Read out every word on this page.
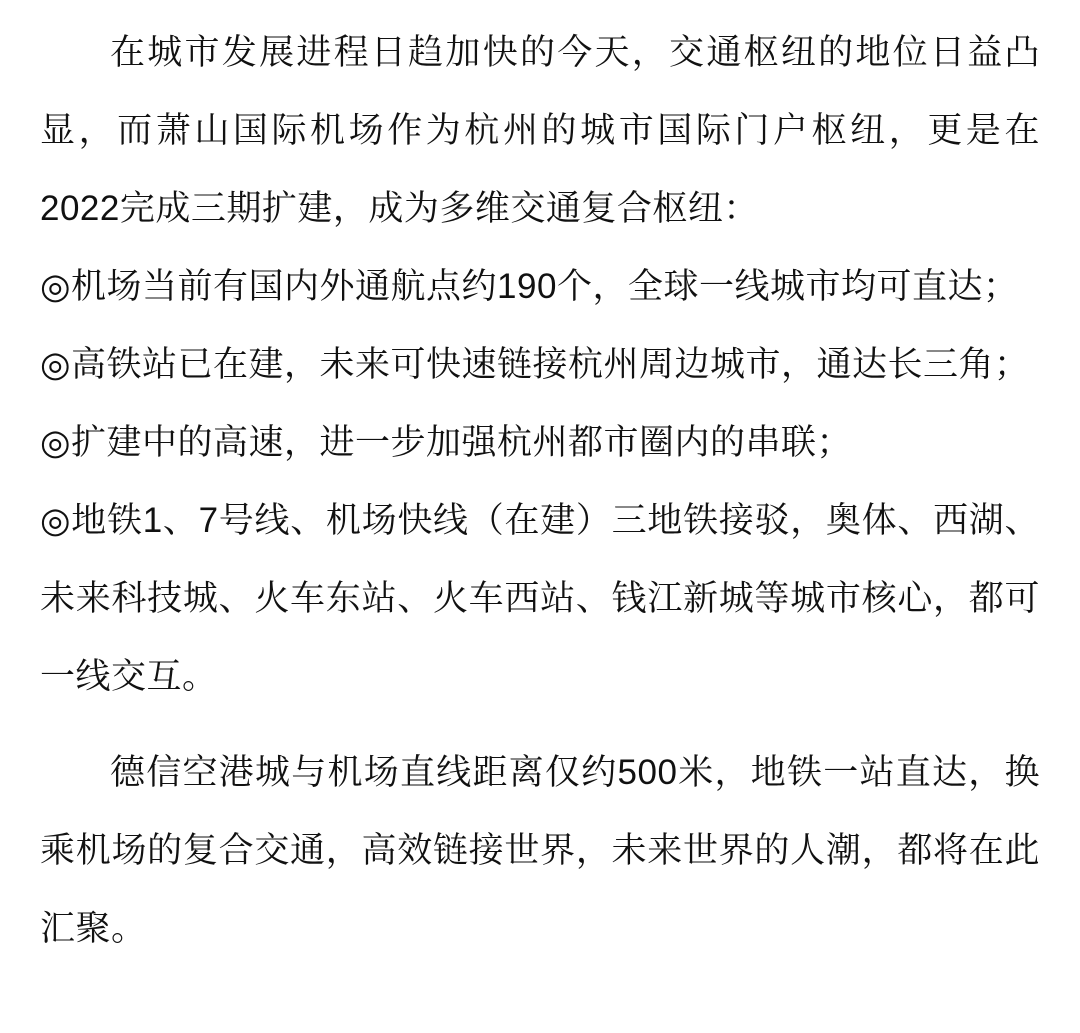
在城市发展进程日趋加快的今天，交通枢纽的地位日益凸显，而萧山国际机场作为杭州的城市国际门户枢纽，更是在2022完成三期扩建，成为多维交通复合枢纽：

◎机场当前有国内外通航点约190个，全球一线城市均可直达；

◎高铁站已在建，未来可快速链接杭州周边城市，通达长三角；

◎扩建中的高速，进一步加强杭州都市圈内的串联；

◎地铁1、7号线、机场快线（在建）三地铁接驳，奥体、西湖、未来科技城、火车东站、火车西站、钱江新城等城市核心，都可一线交互。

德信空港城与机场直线距离仅约500米，地铁一站直达，换乘机场的复合交通，高效链接世界，未来世界的人潮，都将在此汇聚。
